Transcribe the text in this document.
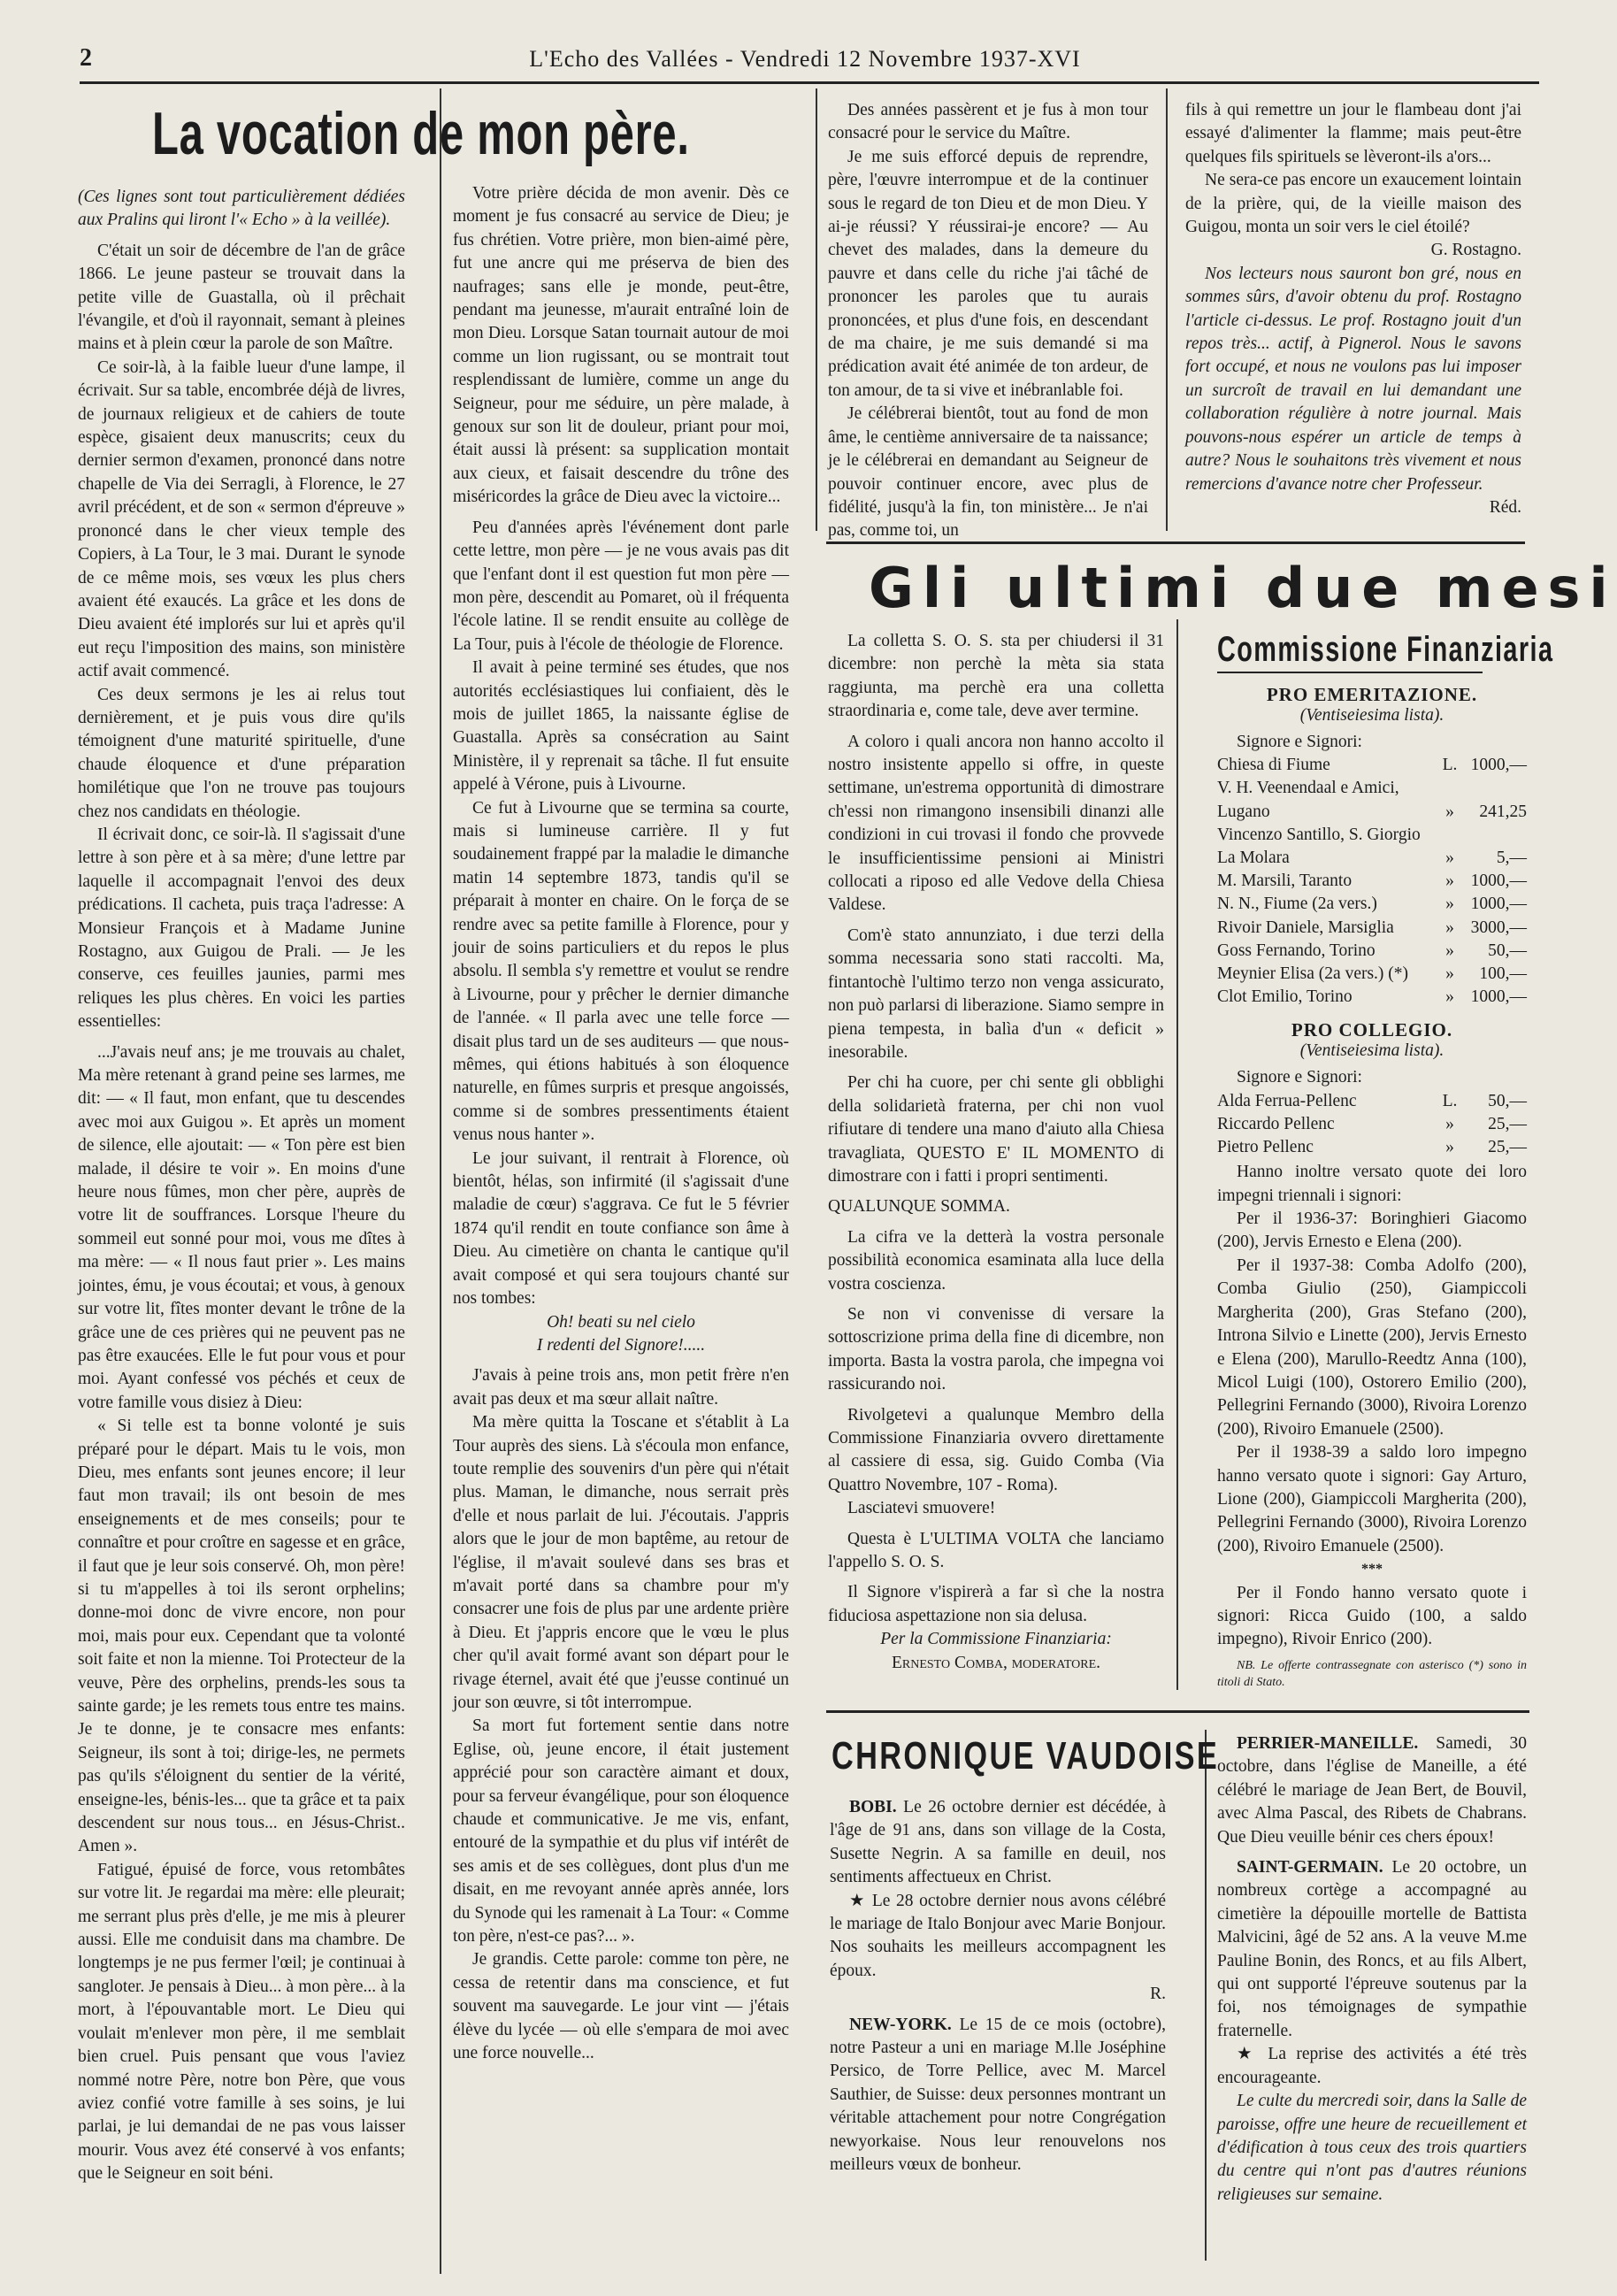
2	L'Echo des Vallées - Vendredi 12 Novembre 1937-XVI
La vocation de mon père.

(Ces lignes sont tout particulièrement dédiées aux Pralins qui liront l'« Echo » à la veillée).

C'était un soir de décembre de l'an de grâce 1866. Le jeune pasteur se trouvait dans la petite ville de Guastalla, où il prêchait l'évangile, et d'où il rayonnait, semant à pleines mains et à plein cœur la parole de son Maître.

Ce soir-là, à la faible lueur d'une lampe, il écrivait. Sur sa table, encombrée déjà de livres, de journaux religieux et de cahiers de toute espèce, gisaient deux manuscrits; ceux du dernier sermon d'examen, prononcé dans notre chapelle de Via dei Serragli, à Florence, le 27 avril précédent, et de son « sermon d'épreuve » prononcé dans le cher vieux temple des Copiers, à La Tour, le 3 mai. Durant le synode de ce même mois, ses vœux les plus chers avaient été exaucés. La grâce et les dons de Dieu avaient été implorés sur lui et après qu'il eut reçu l'imposition des mains, son ministère actif avait commencé.

Ces deux sermons je les ai relus tout dernièrement, et je puis vous dire qu'ils témoignent d'une maturité spirituelle, d'une chaude éloquence et d'une préparation homilétique que l'on ne trouve pas toujours chez nos candidats en théologie.

Il écrivait donc, ce soir-là. Il s'agissait d'une lettre à son père et à sa mère; d'une lettre par laquelle il accompagnait l'envoi des deux prédications. Il cacheta, puis traça l'adresse: A Monsieur François et à Madame Junine Rostagno, aux Guigou de Prali. — Je les conserve, ces feuilles jaunies, parmi mes reliques les plus chères. En voici les parties essentielles:

...J'avais neuf ans; je me trouvais au chalet, Ma mère retenant à grand peine ses larmes, me dit: — « Il faut, mon enfant, que tu descendes avec moi aux Guigou ». Et après un moment de silence, elle ajoutait: — « Ton père est bien malade, il désire te voir ». En moins d'une heure nous fûmes, mon cher père, auprès de votre lit de souffrances. Lorsque l'heure du sommeil eut sonné pour moi, vous me dîtes à ma mère: — « Il nous faut prier ». Les mains jointes, ému, je vous écoutai; et vous, à genoux sur votre lit, fîtes monter devant le trône de la grâce une de ces prières qui ne peuvent pas ne pas être exaucées. Elle le fut pour vous et pour moi. Ayant confessé vos péchés et ceux de votre famille vous disiez à Dieu:

« Si telle est ta bonne volonté je suis préparé pour le départ. Mais tu le vois, mon Dieu, mes enfants sont jeunes encore; il leur faut mon travail; ils ont besoin de mes enseignements et de mes conseils; pour te connaître et pour croître en sagesse et en grâce, il faut que je leur sois conservé. Oh, mon père! si tu m'appelles à toi ils seront orphelins; donne-moi donc de vivre encore, non pour moi, mais pour eux. Cependant que ta volonté soit faite et non la mienne. Toi Protecteur de la veuve, Père des orphelins, prends-les sous ta sainte garde; je les remets tous entre tes mains. Je te donne, je te consacre mes enfants: Seigneur, ils sont à toi; dirige-les, ne permets pas qu'ils s'éloignent du sentier de la vérité, enseigne-les, bénis-les... que ta grâce et ta paix descendent sur nous tous... en Jésus-Christ.. Amen ».

Fatigué, épuisé de force, vous retombâtes sur votre lit. Je regardai ma mère: elle pleurait; me serrant plus près d'elle, je me mis à pleurer aussi. Elle me conduisit dans ma chambre. De longtemps je ne pus fermer l'œil; je continuai à sangloter. Je pensais à Dieu... à mon père... à la mort, à l'épouvantable mort. Le Dieu qui voulait m'enlever mon père, il me semblait bien cruel. Puis pensant que vous l'aviez nommé notre Père, notre bon Père, que vous aviez confié votre famille à ses soins, je lui parlai, je lui demandai de ne pas vous laisser mourir. Vous avez été conservé à vos enfants; que le Seigneur en soit béni.

Votre prière décida de mon avenir. Dès ce moment je fus consacré au service de Dieu; je fus chrétien. Votre prière, mon bien-aimé père, fut une ancre qui me préserva de bien des naufrages; sans elle je monde, peut-être, pendant ma jeunesse, m'aurait entraîné loin de mon Dieu. Lorsque Satan tournait autour de moi comme un lion rugissant, ou se montrait tout resplendissant de lumière, comme un ange du Seigneur, pour me séduire, un père malade, à genoux sur son lit de douleur, priant pour moi, était aussi là présent: sa supplication montait aux cieux, et faisait descendre du trône des miséricordes la grâce de Dieu avec la victoire...

Peu d'années après l'événement dont parle cette lettre, mon père — je ne vous avais pas dit que l'enfant dont il est question fut mon père — mon père, descendit au Pomaret, où il fréquenta l'école latine. Il se rendit ensuite au collège de La Tour, puis à l'école de théologie de Florence.

Il avait à peine terminé ses études, que nos autorités ecclésiastiques lui confiaient, dès le mois de juillet 1865, la naissante église de Guastalla. Après sa consécration au Saint Ministère, il y reprenait sa tâche. Il fut ensuite appelé à Vérone, puis à Livourne.

Ce fut à Livourne que se termina sa courte, mais si lumineuse carrière. Il y fut soudainement frappé par la maladie le dimanche matin 14 septembre 1873, tandis qu'il se préparait à monter en chaire. On le força de se rendre avec sa petite famille à Florence, pour y jouir de soins particuliers et du repos le plus absolu. Il sembla s'y remettre et voulut se rendre à Livourne, pour y prêcher le dernier dimanche de l'année. « Il parla avec une telle force — disait plus tard un de ses auditeurs — que nous-mêmes, qui étions habitués à son éloquence naturelle, en fûmes surpris et presque angoissés, comme si de sombres pressentiments étaient venus nous hanter ».

Le jour suivant, il rentrait à Florence, où bientôt, hélas, son infirmité (il s'agissait d'une maladie de cœur) s'aggrava. Ce fut le 5 février 1874 qu'il rendit en toute confiance son âme à Dieu. Au cimetière on chanta le cantique qu'il avait composé et qui sera toujours chanté sur nos tombes:

Oh! beati su nel cielo

I redenti del Signore!.....

J'avais à peine trois ans, mon petit frère n'en avait pas deux et ma sœur allait naître.

Ma mère quitta la Toscane et s'établit à La Tour auprès des siens. Là s'écoula mon enfance, toute remplie des souvenirs d'un père qui n'était plus. Maman, le dimanche, nous serrait près d'elle et nous parlait de lui. J'écoutais. J'appris alors que le jour de mon baptême, au retour de l'église, il m'avait soulevé dans ses bras et m'avait porté dans sa chambre pour m'y consacrer une fois de plus par une ardente prière à Dieu. Et j'appris encore que le vœu le plus cher qu'il avait formé avant son départ pour le rivage éternel, avait été que j'eusse continué un jour son œuvre, si tôt interrompue.

Sa mort fut fortement sentie dans notre Eglise, où, jeune encore, il était justement apprécié pour son caractère aimant et doux, pour sa ferveur évangélique, pour son éloquence chaude et communicative. Je me vis, enfant, entouré de la sympathie et du plus vif intérêt de ses amis et de ses collègues, dont plus d'un me disait, en me revoyant année après année, lors du Synode qui les ramenait à La Tour: « Comme ton père, n'est-ce pas?... ».

Je grandis. Cette parole: comme ton père, ne cessa de retentir dans ma conscience, et fut souvent ma sauvegarde. Le jour vint — j'étais élève du lycée — où elle s'empara de moi avec une force nouvelle...

Des années passèrent et je fus à mon tour consacré pour le service du Maître.

Je me suis efforcé depuis de reprendre, père, l'œuvre interrompue et de la continuer sous le regard de ton Dieu et de mon Dieu. Y ai-je réussi? Y réussirai-je encore? — Au chevet des malades, dans la demeure du pauvre et dans celle du riche j'ai tâché de prononcer les paroles que tu aurais prononcées, et plus d'une fois, en descendant de ma chaire, je me suis demandé si ma prédication avait été animée de ton ardeur, de ton amour, de ta si vive et inébranlable foi.

Je célébrerai bientôt, tout au fond de mon âme, le centième anniversaire de ta naissance; je le célébrerai en demandant au Seigneur de pouvoir continuer encore, avec plus de fidélité, jusqu'à la fin, ton ministère... Je n'ai pas, comme toi, un

fils à qui remettre un jour le flambeau dont j'ai essayé d'alimenter la flamme; mais peut-être quelques fils spirituels se lèveront-ils a'ors...

Ne sera-ce pas encore un exaucement lointain de la prière, qui, de la vieille maison des Guigou, monta un soir vers le ciel étoilé?

G. Rostagno.

Nos lecteurs nous sauront bon gré, nous en sommes sûrs, d'avoir obtenu du prof. Rostagno l'article ci-dessus. Le prof. Rostagno jouit d'un repos très... actif, à Pignerol. Nous le savons fort occupé, et nous ne voulons pas lui imposer un surcroît de travail en lui demandant une collaboration régulière à notre journal. Mais pouvons-nous espérer un article de temps à autre? Nous le souhaitons très vivement et nous remercions d'avance notre cher Professeur.

Réd.

Gli ultimi due mesi

La colletta S. O. S. sta per chiudersi il 31 dicembre: non perchè la mèta sia stata raggiunta, ma perchè era una colletta straordinaria e, come tale, deve aver termine.

A coloro i quali ancora non hanno accolto il nostro insistente appello si offre, in queste settimane, un'estrema opportunità di dimostrare ch'essi non rimangono insensibili dinanzi alle condizioni in cui trovasi il fondo che provvede le insufficientissime pensioni ai Ministri collocati a riposo ed alle Vedove della Chiesa Valdese.

Com'è stato annunziato, i due terzi della somma necessaria sono stati raccolti. Ma, fintantochè l'ultimo terzo non venga assicurato, non può parlarsi di liberazione. Siamo sempre in piena tempesta, in balìa d'un « deficit » inesorabile.

Per chi ha cuore, per chi sente gli obblighi della solidarietà fraterna, per chi non vuol rifiutare di tendere una mano d'aiuto alla Chiesa travagliata, QUESTO E' IL MOMENTO di dimostrare con i fatti i propri sentimenti.

QUALUNQUE SOMMA.

La cifra ve la detterà la vostra personale possibilità economica esaminata alla luce della vostra coscienza.

Se non vi convenisse di versare la sottoscrizione prima della fine di dicembre, non importa. Basta la vostra parola, che impegna voi rassicurando noi.

Rivolgetevi a qualunque Membro della Commissione Finanziaria ovvero direttamente al cassiere di essa, sig. Guido Comba (Via Quattro Novembre, 107 - Roma).

Lasciatevi smuovere!

Questa è L'ULTIMA VOLTA che lanciamo l'appello S. O. S.

Il Signore v'ispirerà a far sì che la nostra fiduciosa aspettazione non sia delusa.

Per la Commissione Finanziaria:

Ernesto Comba, moderatore.

Commissione Finanziaria
PRO EMERITAZIONE.
(Ventiseiesima lista).
Signore e Signori:
Chiesa di Fiume	L. 1000,—
V. H. Veenendaal e Amici, Lugano	»	241,25
Vincenzo Santillo, S. Giorgio La Molara	»	5,—
M. Marsili, Taranto	» 1000,—
N. N., Fiume (2a vers.)	» 1000,—
Rivoir Daniele, Marsiglia	» 3000,—
Goss Fernando, Torino	»	50,—
Meynier Elisa (2a vers.) (*)	»	100,—
Clot Emilio, Torino	» 1000,—
PRO COLLEGIO.
(Ventiseiesima lista).
Signore e Signori:
Alda Ferrua-Pellenc	L.	50,—
Riccardo Pellenc	»	25,—
Pietro Pellenc	»	25,—

Hanno inoltre versato quote dei loro impegni triennali i signori:

Per il 1936-37: Boringhieri Giacomo (200), Jervis Ernesto e Elena (200).

Per il 1937-38: Comba Adolfo (200), Comba Giulio (250), Giampiccoli Margherita (200), Gras Stefano (200), Introna Silvio e Linette (200), Jervis Ernesto e Elena (200), Marullo-Reedtz Anna (100), Micol Luigi (100), Ostorero Emilio (200), Pellegrini Fernando (3000), Rivoira Lorenzo (200), Rivoiro Emanuele (2500).

Per il 1938-39 a saldo loro impegno hanno versato quote i signori: Gay Arturo, Lione (200), Giampiccoli Margherita (200), Pellegrini Fernando (3000), Rivoira Lorenzo (200), Rivoiro Emanuele (2500).

***

Per il Fondo hanno versato quote i signori: Ricca Guido (100, a saldo impegno), Rivoir Enrico (200).

NB. Le offerte contrassegnate con asterisco (*) sono in titoli di Stato.

CHRONIQUE VAUDOISE

BOBI. Le 26 octobre dernier est décédée, à l'âge de 91 ans, dans son village de la Costa, Susette Negrin. A sa famille en deuil, nos sentiments affectueux en Christ.

★ Le 28 octobre dernier nous avons célébré le mariage de Italo Bonjour avec Marie Bonjour. Nos souhaits les meilleurs accompagnent les époux.

R.

NEW-YORK. Le 15 de ce mois (octobre), notre Pasteur a uni en mariage M.lle Joséphine Persico, de Torre Pellice, avec M. Marcel Sauthier, de Suisse: deux personnes montrant un véritable attachement pour notre Congrégation newyorkaise. Nous leur renouvelons nos meilleurs vœux de bonheur.

PERRIER-MANEILLE. Samedi, 30 octobre, dans l'église de Maneille, a été célébré le mariage de Jean Bert, de Bouvil, avec Alma Pascal, des Ribets de Chabrans. Que Dieu veuille bénir ces chers époux!

SAINT-GERMAIN. Le 20 octobre, un nombreux cortège a accompagné au cimetière la dépouille mortelle de Battista Malvicini, âgé de 52 ans. A la veuve M.me Pauline Bonin, des Roncs, et au fils Albert, qui ont supporté l'épreuve soutenus par la foi, nos témoignages de sympathie fraternelle.

★ La reprise des activités a été très encourageante.

Le culte du mercredi soir, dans la Salle de paroisse, offre une heure de recueillement et d'édification à tous ceux des trois quartiers du centre qui n'ont pas d'autres réunions religieuses sur semaine.
